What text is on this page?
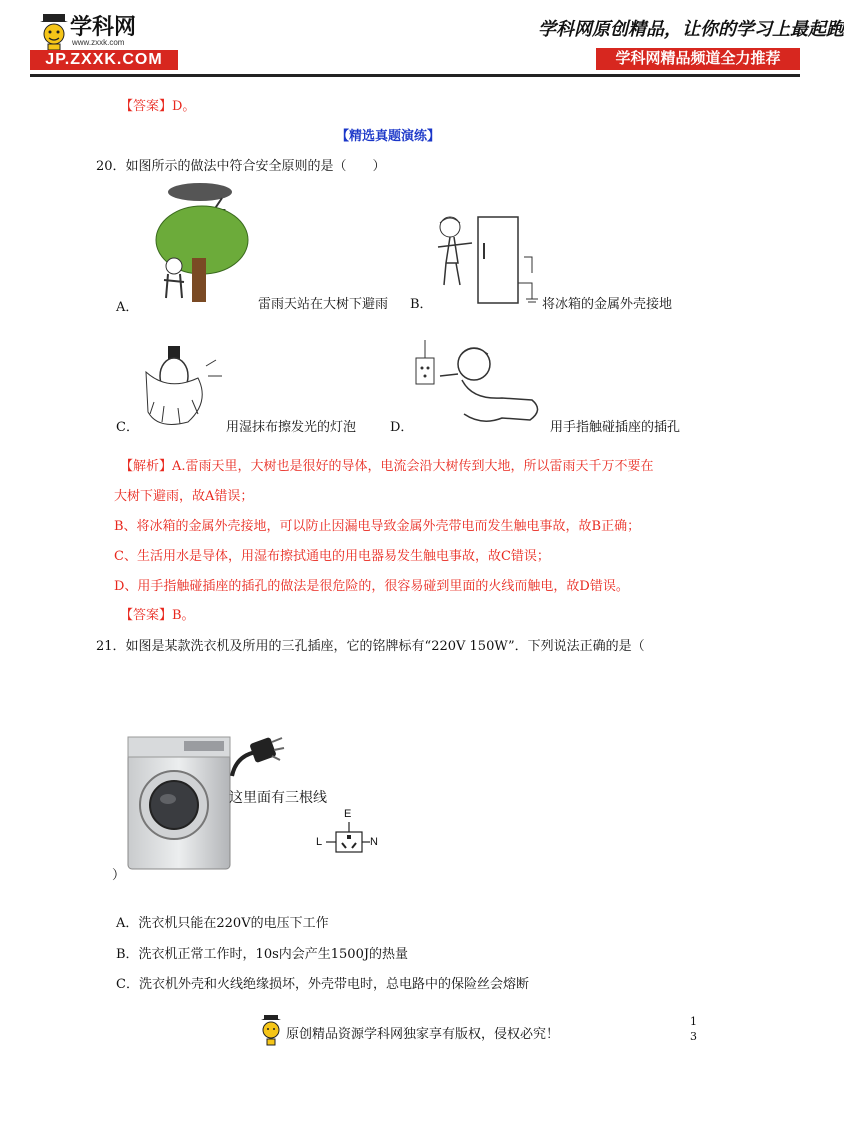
学科网
www.zxxk.com
JP.ZXXK.COM
学科网原创精品，让你的学习上最起跑
学科网精品频道全力推荐
【答案】D。
【精选真题演练】
20．如图所示的做法中符合安全原则的是（　　）
A．	雷雨天站在大树下避雨 B．	将冰箱的金属外壳接地
C．	用湿抹布擦发光的灯泡	D．	用手指触碰插座的插孔
【解析】A.雷雨天里，大树也是很好的导体，电流会沿大树传到大地，所以雷雨天千万不要在
大树下避雨，故A错误；
B、将冰箱的金属外壳接地，可以防止因漏电导致金属外壳带电而发生触电事故，故B正确；
C、生活用水是导体，用湿布擦拭通电的用电器易发生触电事故，故C错误；
D、用手指触碰插座的插孔的做法是很危险的，很容易碰到里面的火线而触电，故D错误。
【答案】B。
21．如图是某款洗衣机及所用的三孔插座，它的铭牌标有“220V 150W”．下列说法正确的是（
这里面有三根线
E
L	N
）
A．洗衣机只能在220V的电压下工作
B．洗衣机正常工作时，10s内会产生1500J的热量
C．洗衣机外壳和火线绝缘损坏，外壳带电时，总电路中的保险丝会熔断
原创精品资源学科网独家享有版权，侵权必究！
1
3
